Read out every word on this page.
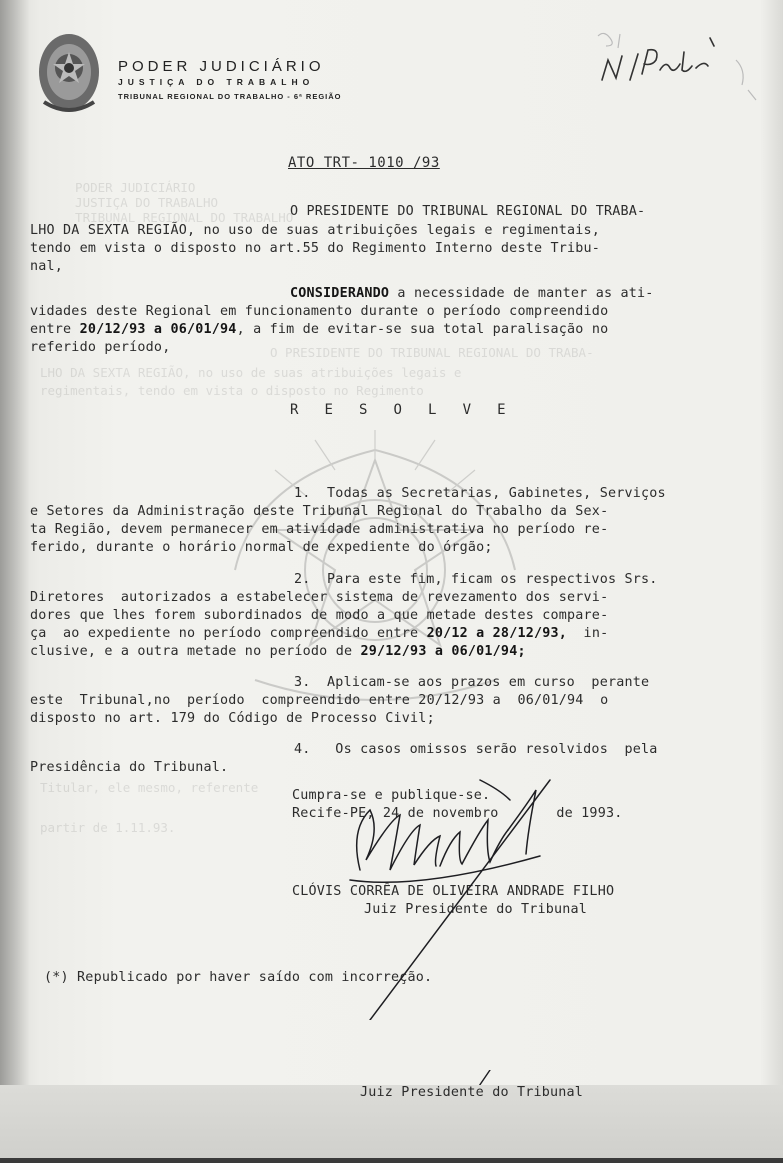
PODER JUDICIÁRIO
JUSTIÇA DO TRABALHO
TRIBUNAL REGIONAL DO TRABALHO
O PRESIDENTE DO TRIBUNAL REGIONAL DO TRABA-
LHO DA SEXTA REGIÃO, no uso de suas atribuições legais e
regimentais, tendo em vista o disposto no Regimento
Titular, ele mesmo, referente
partir de 1.11.93.
PODER JUDICIÁRIO
JUSTIÇA DO TRABALHO
TRIBUNAL REGIONAL DO TRABALHO - 6ª REGIÃO
ATO TRT- 1010 /93
O PRESIDENTE DO TRIBUNAL REGIONAL DO TRABA-
LHO DA SEXTA REGIÃO, no uso de suas atribuições legais e regimentais,
tendo em vista o disposto no art.55 do Regimento Interno deste Tribu-
nal,
CONSIDERANDO a necessidade de manter as ati-
vidades deste Regional em funcionamento durante o período compreendido
entre 20/12/93 a 06/01/94, a fim de evitar-se sua total paralisação no
referido período,
R   E   S   O   L   V   E
1.  Todas as Secretarias, Gabinetes, Serviços
e Setores da Administração deste Tribunal Regional do Trabalho da Sex-
ta Região, devem permanecer em atividade administrativa no período re-
ferido, durante o horário normal de expediente do órgão;
2.  Para este fim, ficam os respectivos Srs.
Diretores  autorizados a estabelecer sistema de revezamento dos servi-
dores que lhes forem subordinados de modo a que metade destes compare-
ça  ao expediente no período compreendido entre 20/12 a 28/12/93,  in-
clusive, e a outra metade no período de 29/12/93 a 06/01/94;
3.  Aplicam-se aos prazos em curso  perante
este  Tribunal,no  período  compreendido entre 20/12/93 a  06/01/94  o
disposto no art. 179 do Código de Processo Civil;
4.   Os casos omissos serão resolvidos  pela
Presidência do Tribunal.
Cumpra-se e publique-se.
Recife-PE, 24 de novembro       de 1993.
CLÓVIS CORRÊA DE OLIVEIRA ANDRADE FILHO
Juiz Presidente do Tribunal
(*) Republicado por haver saído com incorreção.
Juiz Presidente do Tribunal
